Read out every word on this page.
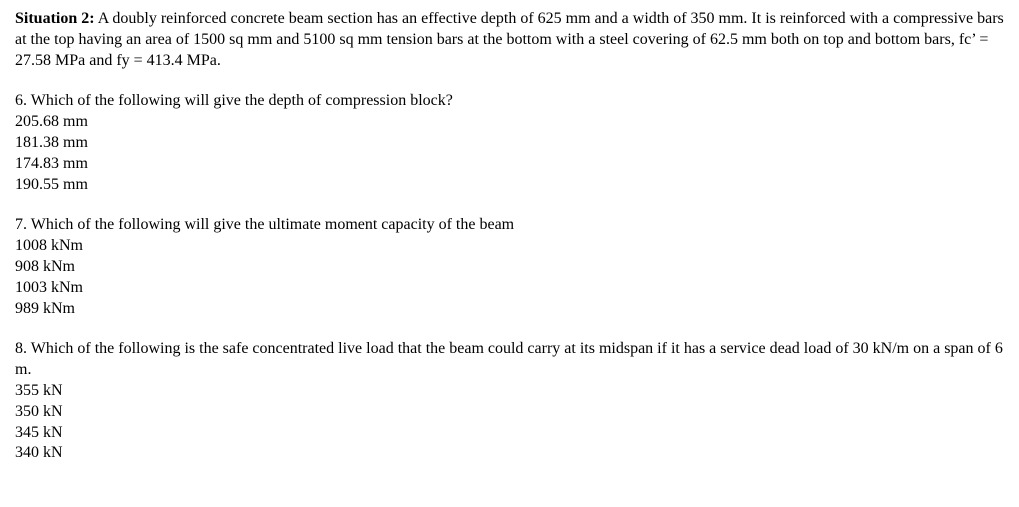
Situation 2: A doubly reinforced concrete beam section has an effective depth of 625 mm and a width of 350 mm. It is reinforced with a compressive bars at the top having an area of 1500 sq mm and 5100 sq mm tension bars at the bottom with a steel covering of 62.5 mm both on top and bottom bars, fc’ = 27.58 MPa and fy = 413.4 MPa.

6. Which of the following will give the depth of compression block?

205.68 mm
181.38 mm
174.83 mm
190.55 mm

7. Which of the following will give the ultimate moment capacity of the beam

1008 kNm
908 kNm
1003 kNm
989 kNm

8. Which of the following is the safe concentrated live load that the beam could carry at its midspan if it has a service dead load of 30 kN/m on a span of 6 m.

355 kN
350 kN
345 kN
340 kN
